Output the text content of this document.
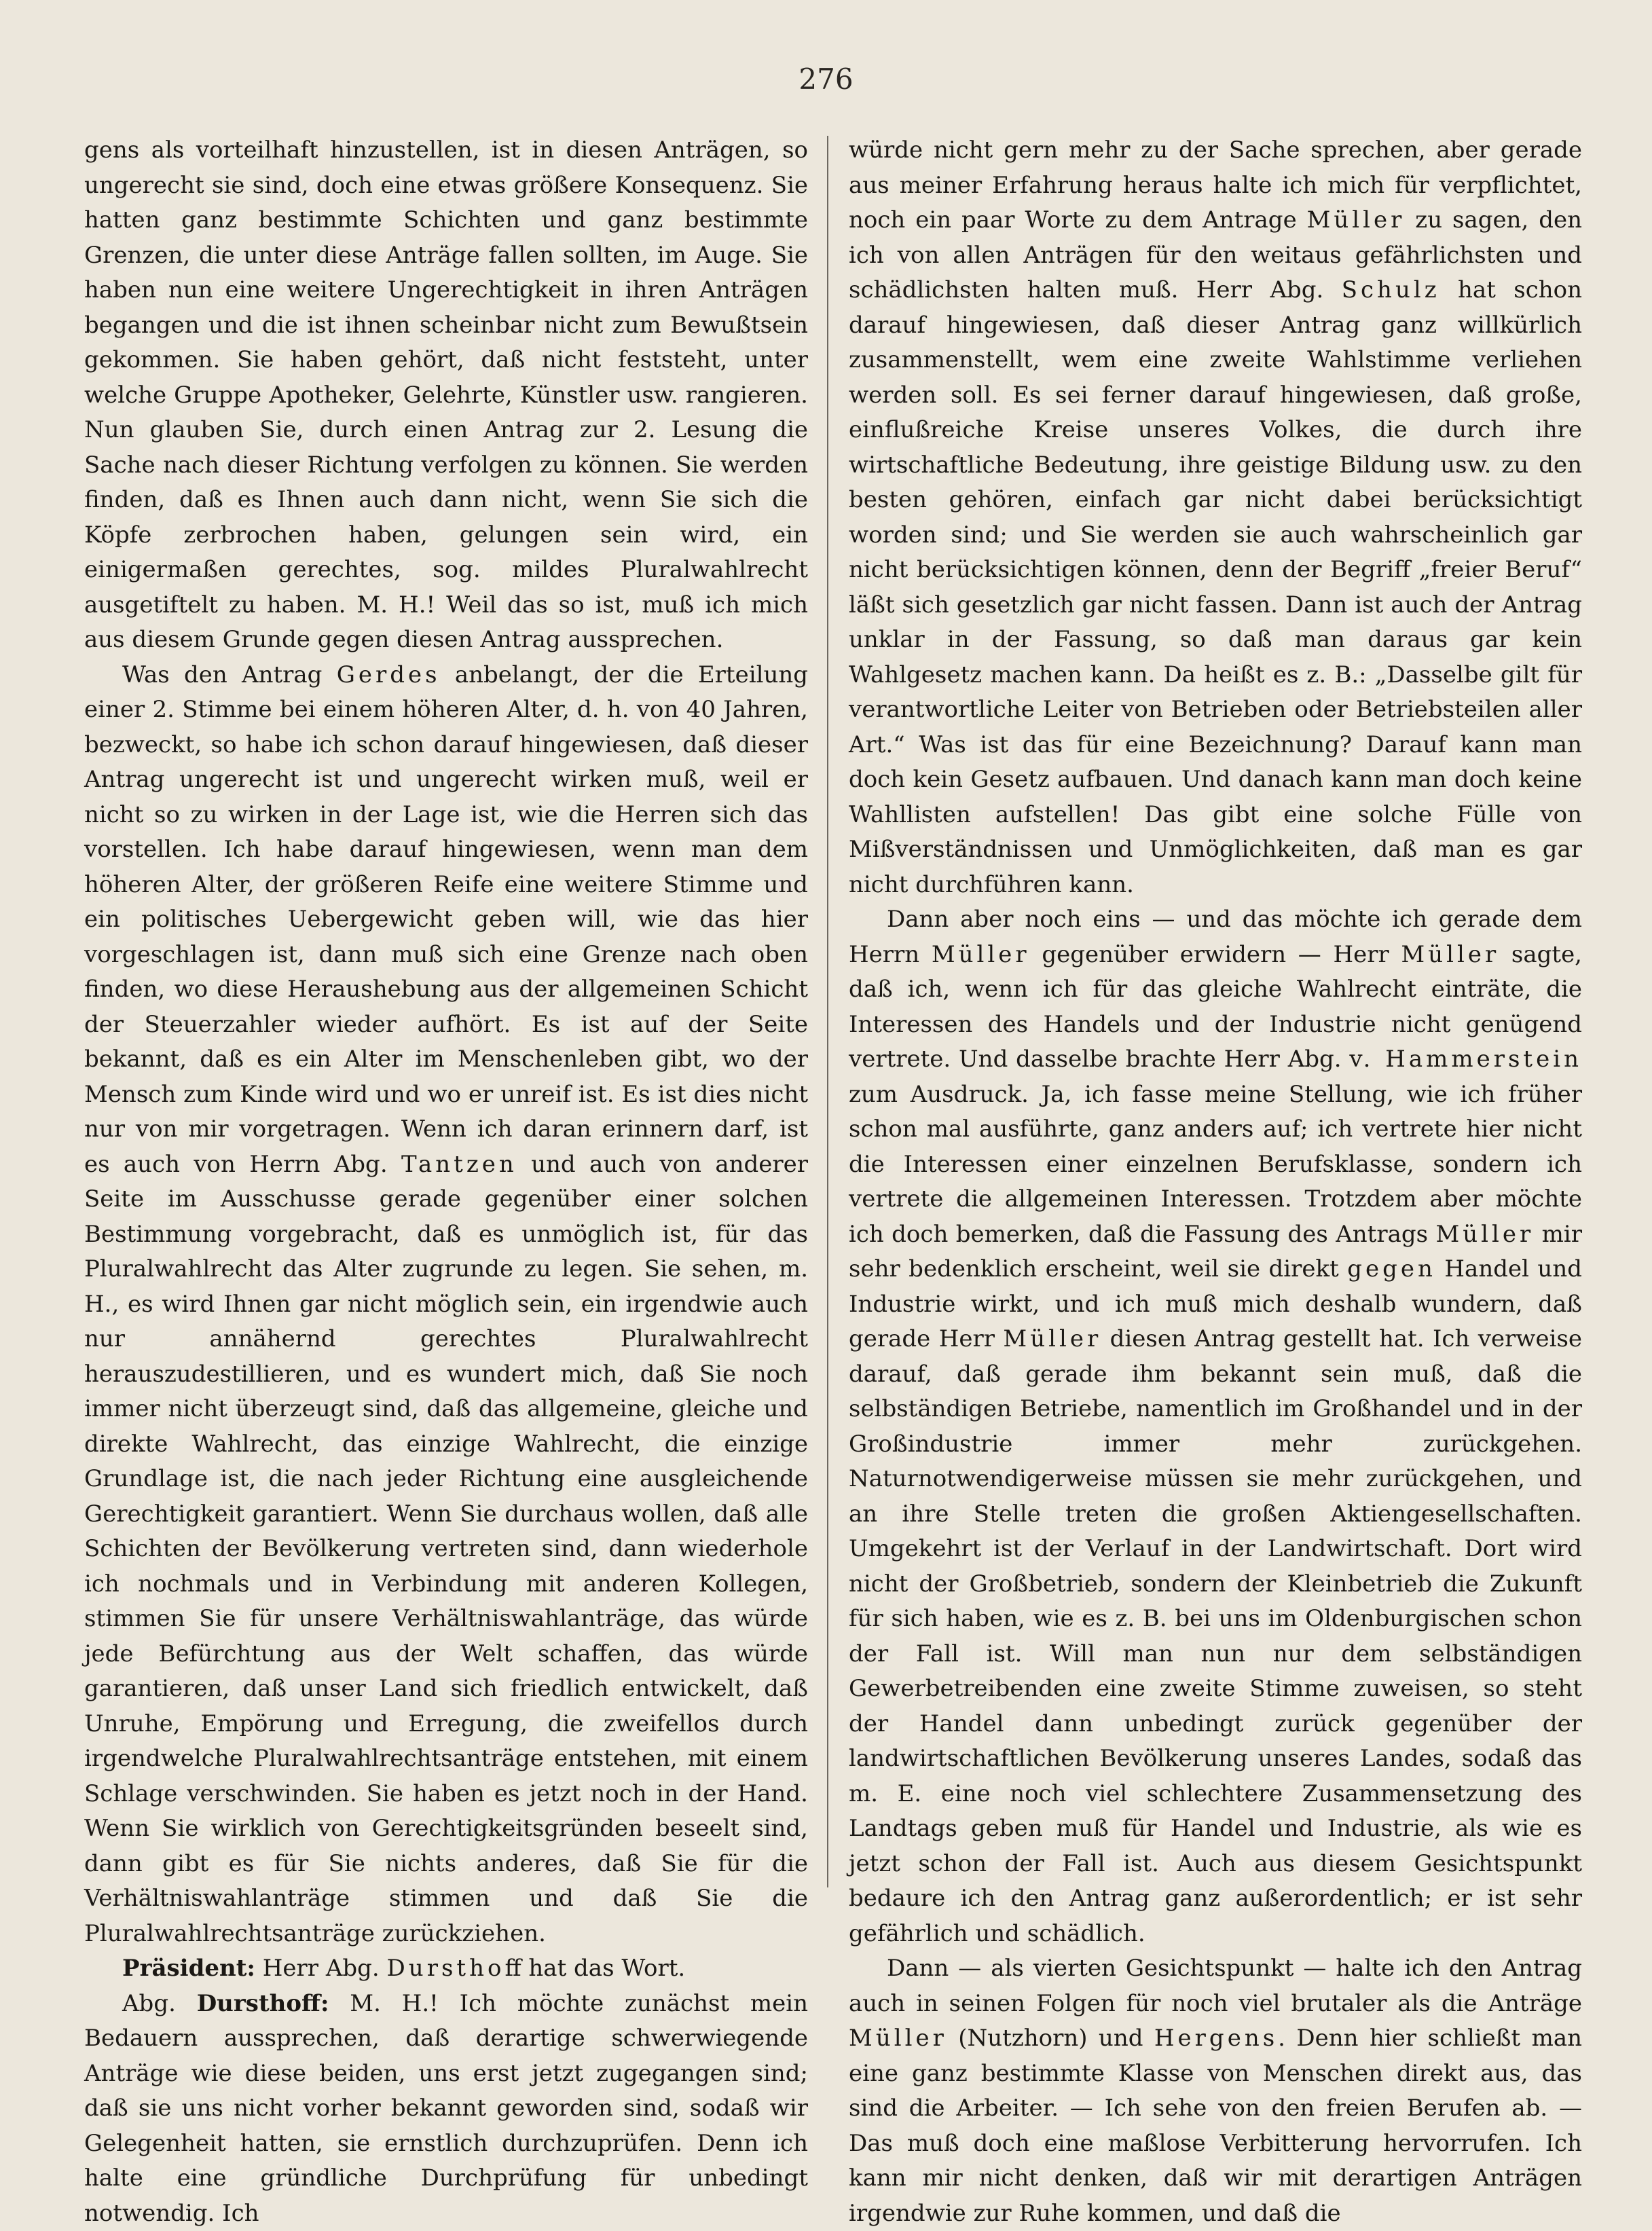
276

gens als vorteilhaft hinzustellen, ist in diesen Anträgen, so ungerecht sie sind, doch eine etwas größere Konsequenz. Sie hatten ganz bestimmte Schichten und ganz bestimmte Grenzen, die unter diese Anträge fallen sollten, im Auge. Sie haben nun eine weitere Ungerechtigkeit in ihren Anträgen begangen und die ist ihnen scheinbar nicht zum Bewußtsein gekommen. Sie haben gehört, daß nicht feststeht, unter welche Gruppe Apotheker, Gelehrte, Künstler usw. rangieren. Nun glauben Sie, durch einen Antrag zur 2. Lesung die Sache nach dieser Richtung verfolgen zu können. Sie werden finden, daß es Ihnen auch dann nicht, wenn Sie sich die Köpfe zerbrochen haben, gelungen sein wird, ein einigermaßen gerechtes, sog. mildes Pluralwahlrecht ausgetiftelt zu haben. M. H.! Weil das so ist, muß ich mich aus diesem Grunde gegen diesen Antrag aussprechen.

Was den Antrag Gerdes anbelangt, der die Erteilung einer 2. Stimme bei einem höheren Alter, d. h. von 40 Jahren, bezweckt, so habe ich schon darauf hingewiesen, daß dieser Antrag ungerecht ist und ungerecht wirken muß, weil er nicht so zu wirken in der Lage ist, wie die Herren sich das vorstellen. Ich habe darauf hingewiesen, wenn man dem höheren Alter, der größeren Reife eine weitere Stimme und ein politisches Uebergewicht geben will, wie das hier vorgeschlagen ist, dann muß sich eine Grenze nach oben finden, wo diese Heraushebung aus der allgemeinen Schicht der Steuerzahler wieder aufhört. Es ist auf der Seite bekannt, daß es ein Alter im Menschenleben gibt, wo der Mensch zum Kinde wird und wo er unreif ist. Es ist dies nicht nur von mir vorgetragen. Wenn ich daran erinnern darf, ist es auch von Herrn Abg. Tantzen und auch von anderer Seite im Ausschusse gerade gegenüber einer solchen Bestimmung vorgebracht, daß es unmöglich ist, für das Pluralwahlrecht das Alter zugrunde zu legen. Sie sehen, m. H., es wird Ihnen gar nicht möglich sein, ein irgendwie auch nur annähernd gerechtes Pluralwahlrecht herauszudestillieren, und es wundert mich, daß Sie noch immer nicht überzeugt sind, daß das allgemeine, gleiche und direkte Wahlrecht, das einzige Wahlrecht, die einzige Grundlage ist, die nach jeder Richtung eine ausgleichende Gerechtigkeit garantiert. Wenn Sie durchaus wollen, daß alle Schichten der Bevölkerung vertreten sind, dann wiederhole ich nochmals und in Verbindung mit anderen Kollegen, stimmen Sie für unsere Verhältniswahlanträge, das würde jede Befürchtung aus der Welt schaffen, das würde garantieren, daß unser Land sich friedlich entwickelt, daß Unruhe, Empörung und Erregung, die zweifellos durch irgendwelche Pluralwahlrechtsanträge entstehen, mit einem Schlage verschwinden. Sie haben es jetzt noch in der Hand. Wenn Sie wirklich von Gerechtigkeitsgründen beseelt sind, dann gibt es für Sie nichts anderes, daß Sie für die Verhältniswahlanträge stimmen und daß Sie die Pluralwahlrechtsanträge zurückziehen.

Präsident: Herr Abg. Dursthoff hat das Wort.

Abg. Dursthoff: M. H.! Ich möchte zunächst mein Bedauern aussprechen, daß derartige schwerwiegende Anträge wie diese beiden, uns erst jetzt zugegangen sind; daß sie uns nicht vorher bekannt geworden sind, sodaß wir Gelegenheit hatten, sie ernstlich durchzuprüfen. Denn ich halte eine gründliche Durchprüfung für unbedingt notwendig. Ich

würde nicht gern mehr zu der Sache sprechen, aber gerade aus meiner Erfahrung heraus halte ich mich für verpflichtet, noch ein paar Worte zu dem Antrage Müller zu sagen, den ich von allen Anträgen für den weitaus gefährlichsten und schädlichsten halten muß. Herr Abg. Schulz hat schon darauf hingewiesen, daß dieser Antrag ganz willkürlich zusammenstellt, wem eine zweite Wahlstimme verliehen werden soll. Es sei ferner darauf hingewiesen, daß große, einflußreiche Kreise unseres Volkes, die durch ihre wirtschaftliche Bedeutung, ihre geistige Bildung usw. zu den besten gehören, einfach gar nicht dabei berücksichtigt worden sind; und Sie werden sie auch wahrscheinlich gar nicht berücksichtigen können, denn der Begriff „freier Beruf“ läßt sich gesetzlich gar nicht fassen. Dann ist auch der Antrag unklar in der Fassung, so daß man daraus gar kein Wahlgesetz machen kann. Da heißt es z. B.: „Dasselbe gilt für verantwortliche Leiter von Betrieben oder Betriebsteilen aller Art.“ Was ist das für eine Bezeichnung? Darauf kann man doch kein Gesetz aufbauen. Und danach kann man doch keine Wahllisten aufstellen! Das gibt eine solche Fülle von Mißverständnissen und Unmöglichkeiten, daß man es gar nicht durchführen kann.

Dann aber noch eins — und das möchte ich gerade dem Herrn Müller gegenüber erwidern — Herr Müller sagte, daß ich, wenn ich für das gleiche Wahlrecht einträte, die Interessen des Handels und der Industrie nicht genügend vertrete. Und dasselbe brachte Herr Abg. v. Hammerstein zum Ausdruck. Ja, ich fasse meine Stellung, wie ich früher schon mal ausführte, ganz anders auf; ich vertrete hier nicht die Interessen einer einzelnen Berufsklasse, sondern ich vertrete die allgemeinen Interessen. Trotzdem aber möchte ich doch bemerken, daß die Fassung des Antrags Müller mir sehr bedenklich erscheint, weil sie direkt gegen Handel und Industrie wirkt, und ich muß mich deshalb wundern, daß gerade Herr Müller diesen Antrag gestellt hat. Ich verweise darauf, daß gerade ihm bekannt sein muß, daß die selbständigen Betriebe, namentlich im Großhandel und in der Großindustrie immer mehr zurückgehen. Naturnotwendigerweise müssen sie mehr zurückgehen, und an ihre Stelle treten die großen Aktiengesellschaften. Umgekehrt ist der Verlauf in der Landwirtschaft. Dort wird nicht der Großbetrieb, sondern der Kleinbetrieb die Zukunft für sich haben, wie es z. B. bei uns im Oldenburgischen schon der Fall ist. Will man nun nur dem selbständigen Gewerbetreibenden eine zweite Stimme zuweisen, so steht der Handel dann unbedingt zurück gegenüber der landwirtschaftlichen Bevölkerung unseres Landes, sodaß das m. E. eine noch viel schlechtere Zusammensetzung des Landtags geben muß für Handel und Industrie, als wie es jetzt schon der Fall ist. Auch aus diesem Gesichtspunkt bedaure ich den Antrag ganz außerordentlich; er ist sehr gefährlich und schädlich.

Dann — als vierten Gesichtspunkt — halte ich den Antrag auch in seinen Folgen für noch viel brutaler als die Anträge Müller (Nutzhorn) und Hergens. Denn hier schließt man eine ganz bestimmte Klasse von Menschen direkt aus, das sind die Arbeiter. — Ich sehe von den freien Berufen ab. — Das muß doch eine maßlose Verbitterung hervorrufen. Ich kann mir nicht denken, daß wir mit derartigen Anträgen irgendwie zur Ruhe kommen, und daß die
